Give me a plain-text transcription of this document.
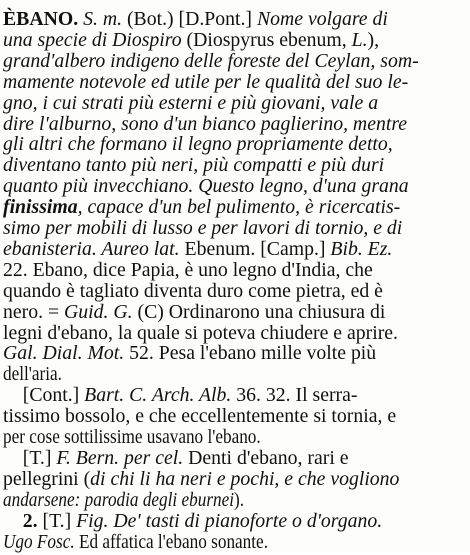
ÈBANO. S. m. (Bot.) [D.Pont.] Nome volgare di
una specie di Diospiro (Diospyrus ebenum, L.),
grand'albero indigeno delle foreste del Ceylan, som-
mamente notevole ed utile per le qualità del suo le-
gno, i cui strati più esterni e più giovani, vale a
dire l'alburno, sono d'un bianco paglierino, mentre
gli altri che formano il legno propriamente detto,
diventano tanto più neri, più compatti e più duri
quanto più invecchiano. Questo legno, d'una grana
finissima, capace d'un bel pulimento, è ricercatis-
simo per mobili di lusso e per lavori di tornio, e di
ebanisteria. Aureo lat. Ebenum. [Camp.] Bib. Ez.
22. Ebano, dice Papia, è uno legno d'India, che
quando è tagliato diventa duro come pietra, ed è
nero. = Guid. G. (C) Ordinarono una chiusura di
legni d'ebano, la quale si poteva chiudere e aprire.
Gal. Dial. Mot. 52. Pesa l'ebano mille volte più
dell'aria.
[Cont.] Bart. C. Arch. Alb. 36. 32. Il serra-
tissimo bossolo, e che eccellentemente si tornia, e
per cose sottilissime usavano l'ebano.
[T.] F. Bern. per cel. Denti d'ebano, rari e
pellegrini (di chi li ha neri e pochi, e che vogliono
andarsene: parodia degli eburnei).
2. [T.] Fig. De' tasti di pianoforte o d'organo.
Ugo Fosc. Ed affatica l'ebano sonante.
